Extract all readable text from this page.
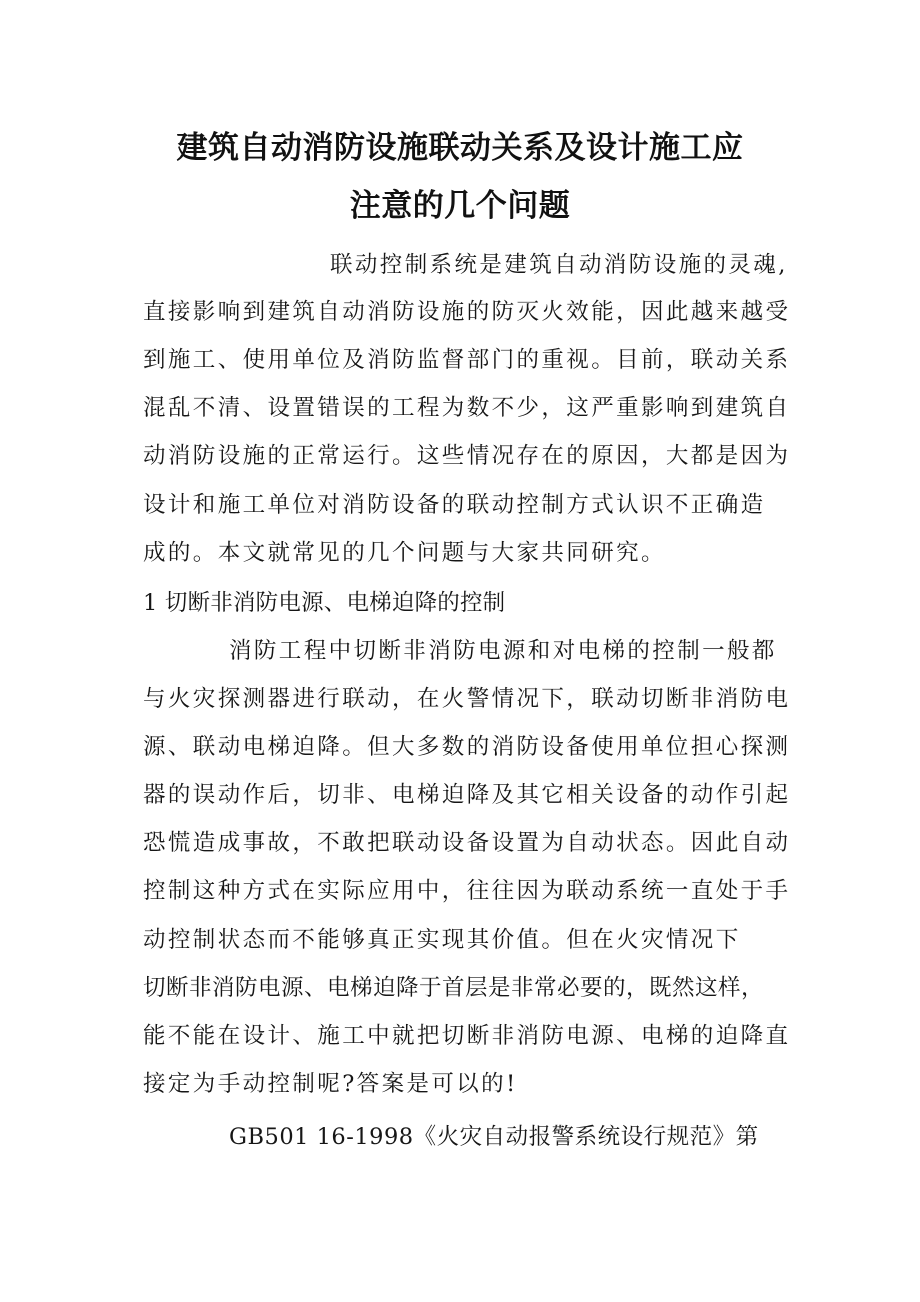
建筑自动消防设施联动关系及设计施工应
注意的几个问题
联动控制系统是建筑自动消防设施的灵魂,
直接影响到建筑自动消防设施的防灭火效能，因此越来越受
到施工、使用单位及消防监督部门的重视。目前，联动关系
混乱不清、设置错误的工程为数不少，这严重影响到建筑自
动消防设施的正常运行。这些情况存在的原因，大都是因为
设计和施工单位对消防设备的联动控制方式认识不正确造
成的。本文就常见的几个问题与大家共同研究。
1 切断非消防电源、电梯迫降的控制
消防工程中切断非消防电源和对电梯的控制一般都
与火灾探测器进行联动，在火警情况下，联动切断非消防电
源、联动电梯迫降。但大多数的消防设备使用单位担心探测
器的误动作后，切非、电梯迫降及其它相关设备的动作引起
恐慌造成事故，不敢把联动设备设置为自动状态。因此自动
控制这种方式在实际应用中，往往因为联动系统一直处于手
动控制状态而不能够真正实现其价值。但在火灾情况下
切断非消防电源、电梯迫降于首层是非常必要的，既然这样，
能不能在设计、施工中就把切断非消防电源、电梯的迫降直
接定为手动控制呢?答案是可以的!
GB501 16-1998《火灾自动报警系统设行规范》第
